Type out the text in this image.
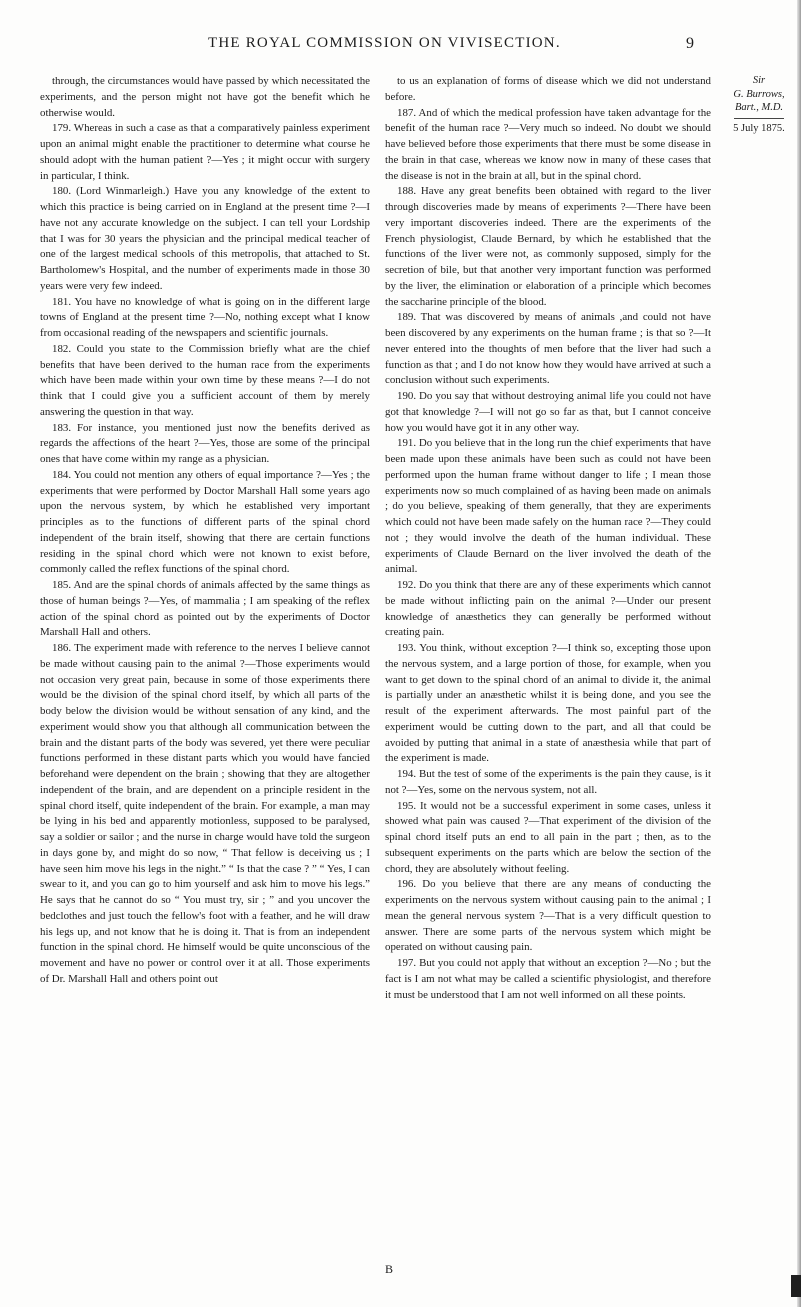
THE ROYAL COMMISSION ON VIVISECTION.	9

through, the circumstances would have passed by which necessitated the experiments, and the person might not have got the benefit which he otherwise would.

179. Whereas in such a case as that a comparatively painless experiment upon an animal might enable the practitioner to determine what course he should adopt with the human patient ?—Yes ; it might occur with surgery in particular, I think.

180. (Lord Winmarleigh.) Have you any knowledge of the extent to which this practice is being carried on in England at the present time ?—I have not any accurate knowledge on the subject. I can tell your Lordship that I was for 30 years the physician and the principal medical teacher of one of the largest medical schools of this metropolis, that attached to St. Bartholomew's Hospital, and the number of experiments made in those 30 years were very few indeed.

181. You have no knowledge of what is going on in the different large towns of England at the present time ?—No, nothing except what I know from occasional reading of the newspapers and scientific journals.

182. Could you state to the Commission briefly what are the chief benefits that have been derived to the human race from the experiments which have been made within your own time by these means ?—I do not think that I could give you a sufficient account of them by merely answering the question in that way.

183. For instance, you mentioned just now the benefits derived as regards the affections of the heart ?—Yes, those are some of the principal ones that have come within my range as a physician.

184. You could not mention any others of equal importance ?—Yes ; the experiments that were performed by Doctor Marshall Hall some years ago upon the nervous system, by which he established very important principles as to the functions of different parts of the spinal chord independent of the brain itself, showing that there are certain functions residing in the spinal chord which were not known to exist before, commonly called the reflex functions of the spinal chord.

185. And are the spinal chords of animals affected by the same things as those of human beings ?—Yes, of mammalia ; I am speaking of the reflex action of the spinal chord as pointed out by the experiments of Doctor Marshall Hall and others.

186. The experiment made with reference to the nerves I believe cannot be made without causing pain to the animal ?—Those experiments would not occasion very great pain, because in some of those experiments there would be the division of the spinal chord itself, by which all parts of the body below the division would be without sensation of any kind, and the experiment would show you that although all communication between the brain and the distant parts of the body was severed, yet there were peculiar functions performed in these distant parts which you would have fancied beforehand were dependent on the brain ; showing that they are altogether independent of the brain, and are dependent on a principle resident in the spinal chord itself, quite independent of the brain. For example, a man may be lying in his bed and apparently motionless, supposed to be paralysed, say a soldier or sailor ; and the nurse in charge would have told the surgeon in days gone by, and might do so now, “ That fellow is deceiving us ; I have seen him move his legs in the night.” “ Is that the case ? ” “ Yes, I can swear to it, and you can go to him yourself and ask him to move his legs.” He says that he cannot do so “ You must try, sir ; ” and you uncover the bedclothes and just touch the fellow's foot with a feather, and he will draw his legs up, and not know that he is doing it. That is from an independent function in the spinal chord. He himself would be quite unconscious of the movement and have no power or control over it at all. Those experiments of Dr. Marshall Hall and others point out

to us an explanation of forms of disease which we did not understand before.

187. And of which the medical profession have taken advantage for the benefit of the human race ?—Very much so indeed. No doubt we should have believed before those experiments that there must be some disease in the brain in that case, whereas we know now in many of these cases that the disease is not in the brain at all, but in the spinal chord.

188. Have any great benefits been obtained with regard to the liver through discoveries made by means of experiments ?—There have been very important discoveries indeed. There are the experiments of the French physiologist, Claude Bernard, by which he established that the functions of the liver were not, as commonly supposed, simply for the secretion of bile, but that another very important function was performed by the liver, the elimination or elaboration of a principle which becomes the saccharine principle of the blood.

189. That was discovered by means of animals ,and could not have been discovered by any experiments on the human frame ; is that so ?—It never entered into the thoughts of men before that the liver had such a function as that ; and I do not know how they would have arrived at such a conclusion without such experiments.

190. Do you say that without destroying animal life you could not have got that knowledge ?—I will not go so far as that, but I cannot conceive how you would have got it in any other way.

191. Do you believe that in the long run the chief experiments that have been made upon these animals have been such as could not have been performed upon the human frame without danger to life ; I mean those experiments now so much complained of as having been made on animals ; do you believe, speaking of them generally, that they are experiments which could not have been made safely on the human race ?—They could not ; they would involve the death of the human individual. These experiments of Claude Bernard on the liver involved the death of the animal.

192. Do you think that there are any of these experiments which cannot be made without inflicting pain on the animal ?—Under our present knowledge of anæsthetics they can generally be performed without creating pain.

193. You think, without exception ?—I think so, excepting those upon the nervous system, and a large portion of those, for example, when you want to get down to the spinal chord of an animal to divide it, the animal is partially under an anæsthetic whilst it is being done, and you see the result of the experiment afterwards. The most painful part of the experiment would be cutting down to the part, and all that could be avoided by putting that animal in a state of anæsthesia while that part of the experiment is made.

194. But the test of some of the experiments is the pain they cause, is it not ?—Yes, some on the nervous system, not all.

195. It would not be a successful experiment in some cases, unless it showed what pain was caused ?—That experiment of the division of the spinal chord itself puts an end to all pain in the part ; then, as to the subsequent experiments on the parts which are below the section of the chord, they are absolutely without feeling.

196. Do you believe that there are any means of conducting the experiments on the nervous system without causing pain to the animal ; I mean the general nervous system ?—That is a very difficult question to answer. There are some parts of the nervous system which might be operated on without causing pain.

197. But you could not apply that without an exception ?—No ; but the fact is I am not what may be called a scientific physiologist, and therefore it must be understood that I am not well informed on all these points.

Sir
G. Burrows,
Bart., M.D.
5 July 1875.
B
